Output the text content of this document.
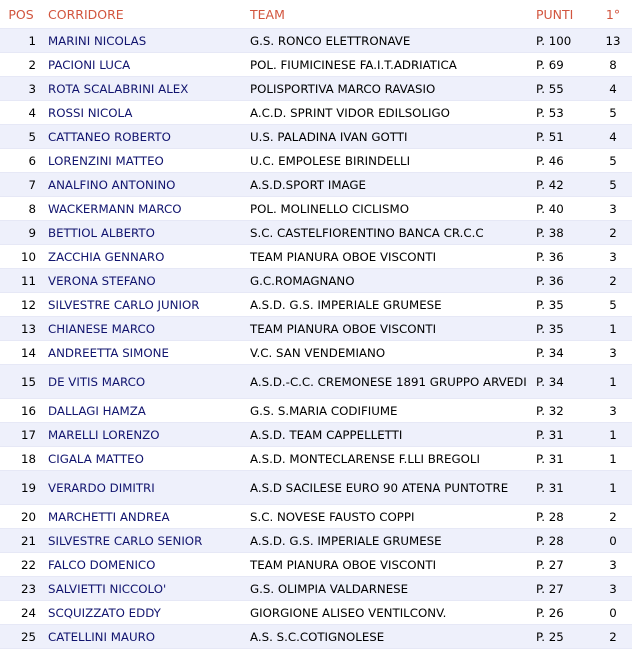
POS	CORRIDORE	TEAM	PUNTI	1°
1	MARINI NICOLAS	G.S. RONCO ELETTRONAVE	P. 100	13
2	PACIONI LUCA	POL. FIUMICINESE FA.I.T.ADRIATICA	P. 69	8
3	ROTA SCALABRINI ALEX	POLISPORTIVA MARCO RAVASIO	P. 55	4
4	ROSSI NICOLA	A.C.D. SPRINT VIDOR EDILSOLIGO	P. 53	5
5	CATTANEO ROBERTO	U.S. PALADINA IVAN GOTTI	P. 51	4
6	LORENZINI MATTEO	U.C. EMPOLESE BIRINDELLI	P. 46	5
7	ANALFINO ANTONINO	A.S.D.SPORT IMAGE	P. 42	5
8	WACKERMANN MARCO	POL. MOLINELLO CICLISMO	P. 40	3
9	BETTIOL ALBERTO	S.C. CASTELFIORENTINO BANCA CR.C.C	P. 38	2
10	ZACCHIA GENNARO	TEAM PIANURA OBOE VISCONTI	P. 36	3
11	VERONA STEFANO	G.C.ROMAGNANO	P. 36	2
12	SILVESTRE CARLO JUNIOR	A.S.D. G.S. IMPERIALE GRUMESE	P. 35	5
13	CHIANESE MARCO	TEAM PIANURA OBOE VISCONTI	P. 35	1
14	ANDREETTA SIMONE	V.C. SAN VENDEMIANO	P. 34	3
15	DE VITIS MARCO	A.S.D.-C.C. CREMONESE 1891 GRUPPO ARVEDI	P. 34	1
16	DALLAGI HAMZA	G.S. S.MARIA CODIFIUME	P. 32	3
17	MARELLI LORENZO	A.S.D. TEAM CAPPELLETTI	P. 31	1
18	CIGALA MATTEO	A.S.D. MONTECLARENSE F.LLI BREGOLI	P. 31	1
19	VERARDO DIMITRI	A.S.D SACILESE EURO 90 ATENA PUNTOTRE	P. 31	1
20	MARCHETTI ANDREA	S.C. NOVESE FAUSTO COPPI	P. 28	2
21	SILVESTRE CARLO SENIOR	A.S.D. G.S. IMPERIALE GRUMESE	P. 28	0
22	FALCO DOMENICO	TEAM PIANURA OBOE VISCONTI	P. 27	3
23	SALVIETTI NICCOLO'	G.S. OLIMPIA VALDARNESE	P. 27	3
24	SCQUIZZATO EDDY	GIORGIONE ALISEO VENTILCONV.	P. 26	0
25	CATELLINI MAURO	A.S. S.C.COTIGNOLESE	P. 25	2
